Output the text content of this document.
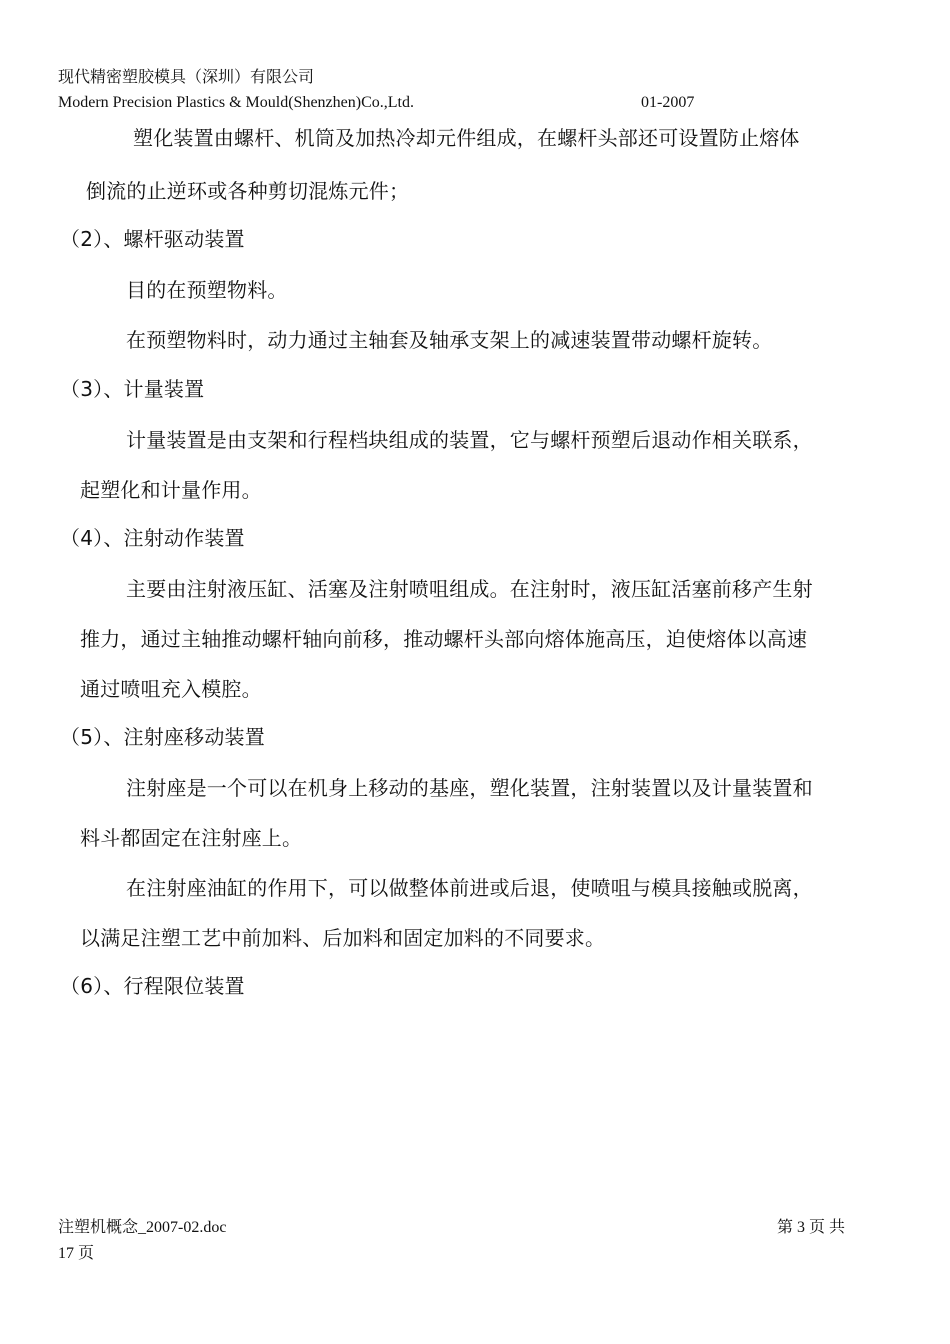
现代精密塑胶模具（深圳）有限公司
Modern Precision Plastics & Mould(Shenzhen)Co.,Ltd.	01-2007
塑化装置由螺杆、机筒及加热冷却元件组成，在螺杆头部还可设置防止熔体
倒流的止逆环或各种剪切混炼元件；
（2）、螺杆驱动装置
目的在预塑物料。
在预塑物料时，动力通过主轴套及轴承支架上的减速装置带动螺杆旋转。
（3）、计量装置
计量装置是由支架和行程档块组成的装置，它与螺杆预塑后退动作相关联系，
起塑化和计量作用。
（4）、注射动作装置
主要由注射液压缸、活塞及注射喷咀组成。在注射时，液压缸活塞前移产生射
推力，通过主轴推动螺杆轴向前移，推动螺杆头部向熔体施高压，迫使熔体以高速
通过喷咀充入模腔。
（5）、注射座移动装置
注射座是一个可以在机身上移动的基座，塑化装置，注射装置以及计量装置和
料斗都固定在注射座上。
在注射座油缸的作用下，可以做整体前进或后退，使喷咀与模具接触或脱离，
以满足注塑工艺中前加料、后加料和固定加料的不同要求。
（6）、行程限位装置
注塑机概念_2007-02.doc	第 3 页 共
17 页
